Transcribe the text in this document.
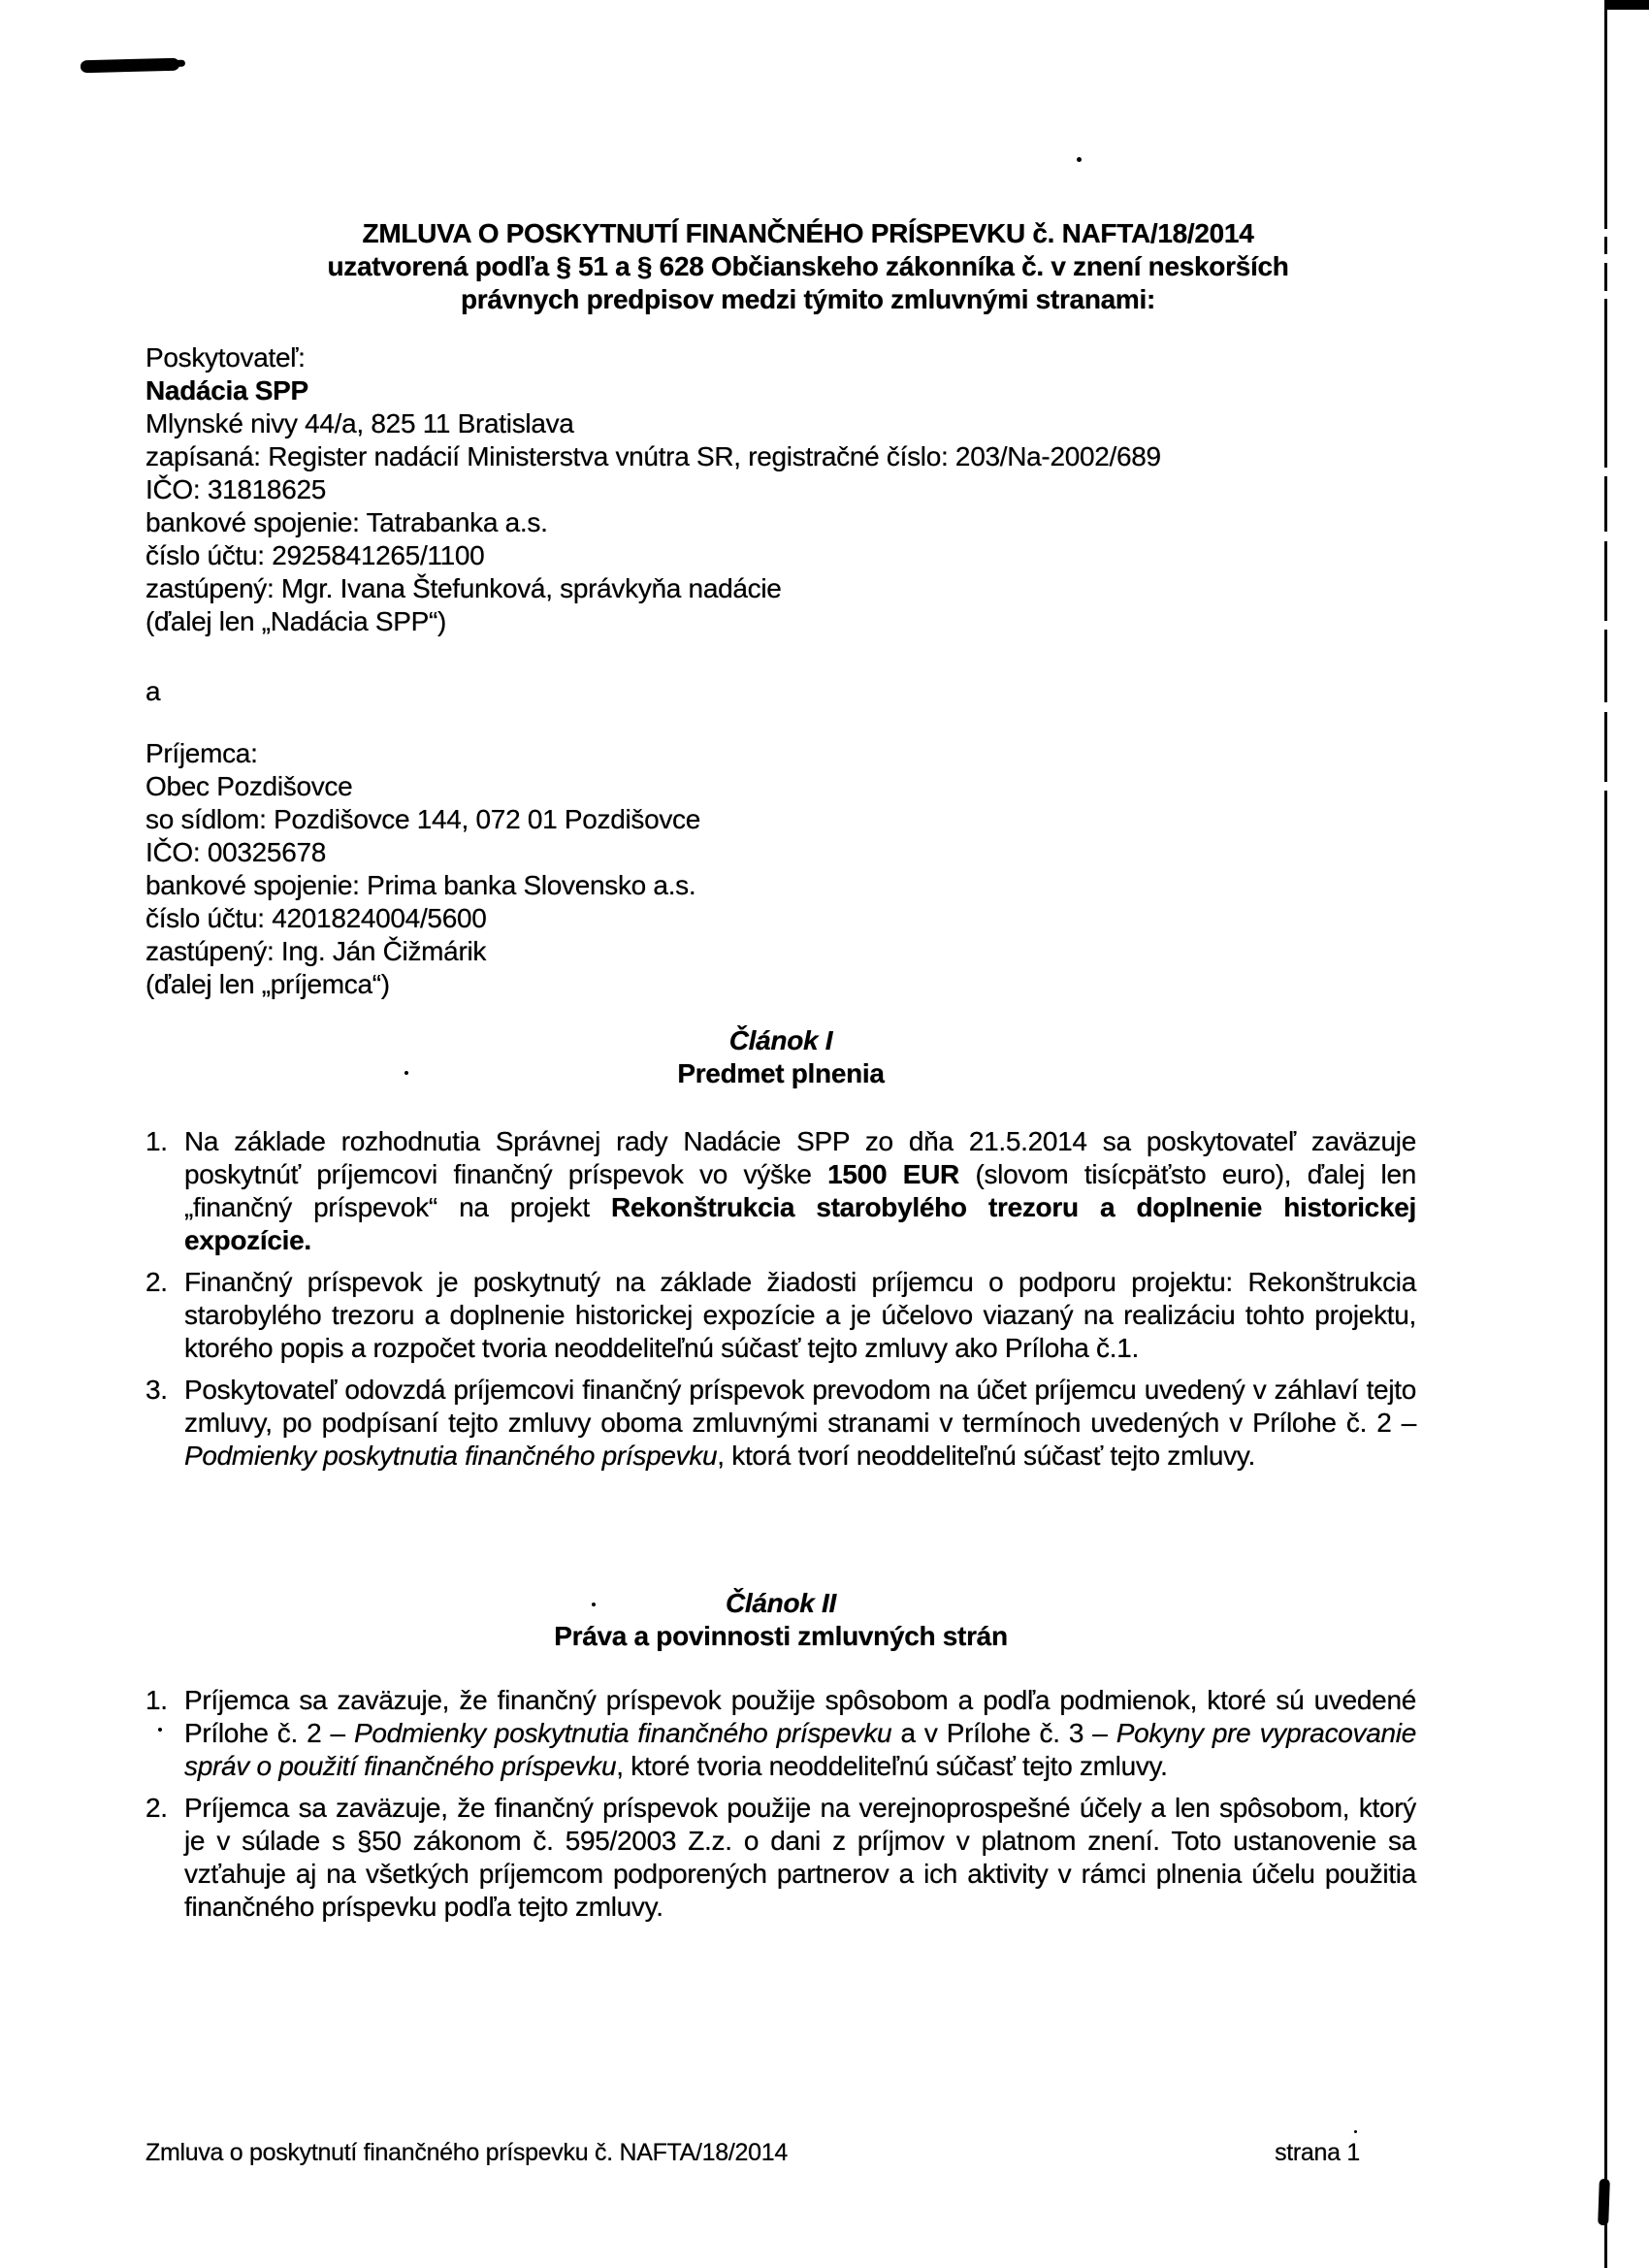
ZMLUVA O POSKYTNUTÍ FINANČNÉHO PRÍSPEVKU č. NAFTA/18/2014
uzatvorená podľa § 51 a § 628 Občianskeho zákonníka č. v znení neskorších
právnych predpisov medzi týmito zmluvnými stranami:
Poskytovateľ:
Nadácia SPP
Mlynské nivy 44/a, 825 11 Bratislava
zapísaná: Register nadácií Ministerstva vnútra SR, registračné číslo: 203/Na-2002/689
IČO: 31818625
bankové spojenie: Tatrabanka a.s.
číslo účtu: 2925841265/1100
zastúpený: Mgr. Ivana Štefunková, správkyňa nadácie
(ďalej len „Nadácia SPP“)
a
Príjemca:
Obec Pozdišovce
so sídlom: Pozdišovce 144, 072 01 Pozdišovce
IČO: 00325678
bankové spojenie: Prima banka Slovensko a.s.
číslo účtu: 4201824004/5600
zastúpený: Ing. Ján Čižmárik
(ďalej len „príjemca“)
Článok I
Predmet plnenia
1. Na základe rozhodnutia Správnej rady Nadácie SPP zo dňa 21.5.2014 sa poskytovateľ zaväzuje poskytnúť príjemcovi finančný príspevok vo výške 1500 EUR (slovom tisícpäťsto euro), ďalej len „finančný príspevok“ na projekt Rekonštrukcia starobylého trezoru a doplnenie historickej expozície.
2. Finančný príspevok je poskytnutý na základe žiadosti príjemcu o podporu projektu: Rekonštrukcia starobylého trezoru a doplnenie historickej expozície a je účelovo viazaný na realizáciu tohto projektu, ktorého popis a rozpočet tvoria neoddeliteľnú súčasť tejto zmluvy ako Príloha č.1.
3. Poskytovateľ odovzdá príjemcovi finančný príspevok prevodom na účet príjemcu uvedený v záhlaví tejto zmluvy, po podpísaní tejto zmluvy oboma zmluvnými stranami v termínoch uvedených v Prílohe č. 2 – Podmienky poskytnutia finančného príspevku, ktorá tvorí neoddeliteľnú súčasť tejto zmluvy.
Článok II
Práva a povinnosti zmluvných strán
1. Príjemca sa zaväzuje, že finančný príspevok použije spôsobom a podľa podmienok, ktoré sú uvedené Prílohe č. 2 – Podmienky poskytnutia finančného príspevku a v Prílohe č. 3 – Pokyny pre vypracovanie správ o použití finančného príspevku, ktoré tvoria neoddeliteľnú súčasť tejto zmluvy.
2. Príjemca sa zaväzuje, že finančný príspevok použije na verejnoprospešné účely a len spôsobom, ktorý je v súlade s §50 zákonom č. 595/2003 Z.z. o dani z príjmov v platnom znení. Toto ustanovenie sa vzťahuje aj na všetkých príjemcom podporených partnerov a ich aktivity v rámci plnenia účelu použitia finančného príspevku podľa tejto zmluvy.
Zmluva o poskytnutí finančného príspevku č. NAFTA/18/2014	strana 1
